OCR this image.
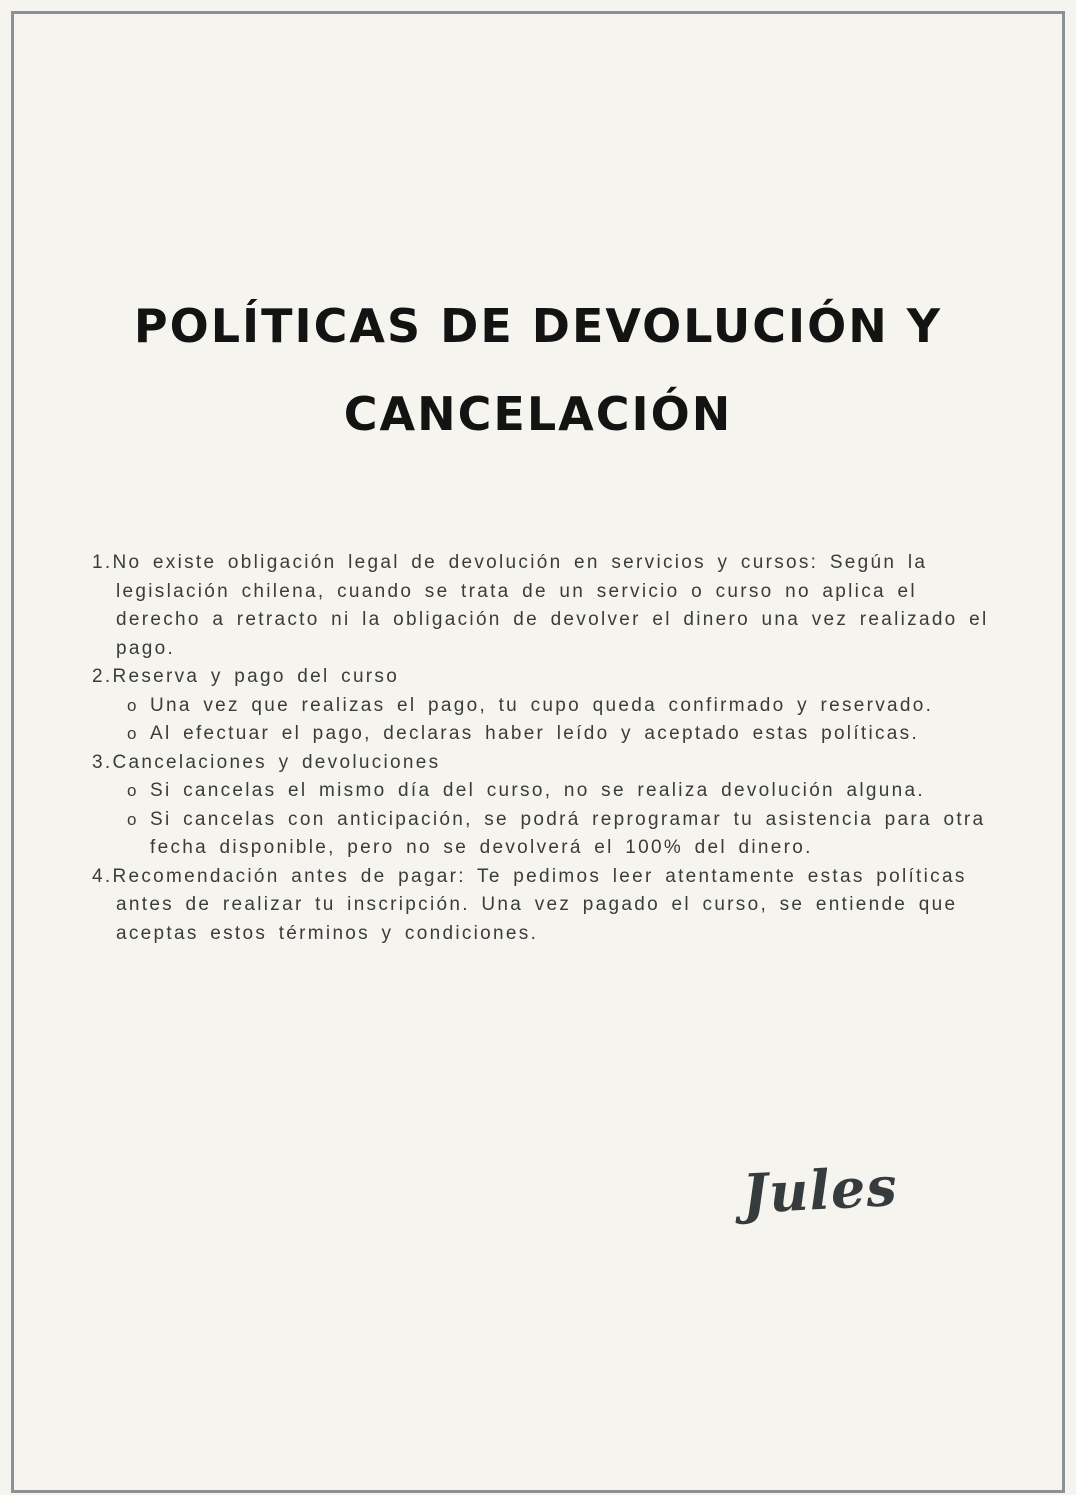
POLÍTICAS DE DEVOLUCIÓN Y
CANCELACIÓN
1.No existe obligación legal de devolución en servicios y cursos: Según la legislación chilena, cuando se trata de un servicio o curso no aplica el derecho a retracto ni la obligación de devolver el dinero una vez realizado el pago.
2.Reserva y pago del curso
o Una vez que realizas el pago, tu cupo queda confirmado y reservado.
o Al efectuar el pago, declaras haber leído y aceptado estas políticas.
3.Cancelaciones y devoluciones
o Si cancelas el mismo día del curso, no se realiza devolución alguna.
o Si cancelas con anticipación, se podrá reprogramar tu asistencia para otra fecha disponible, pero no se devolverá el 100% del dinero.
4.Recomendación antes de pagar: Te pedimos leer atentamente estas políticas antes de realizar tu inscripción. Una vez pagado el curso, se entiende que aceptas estos términos y condiciones.
Jules
